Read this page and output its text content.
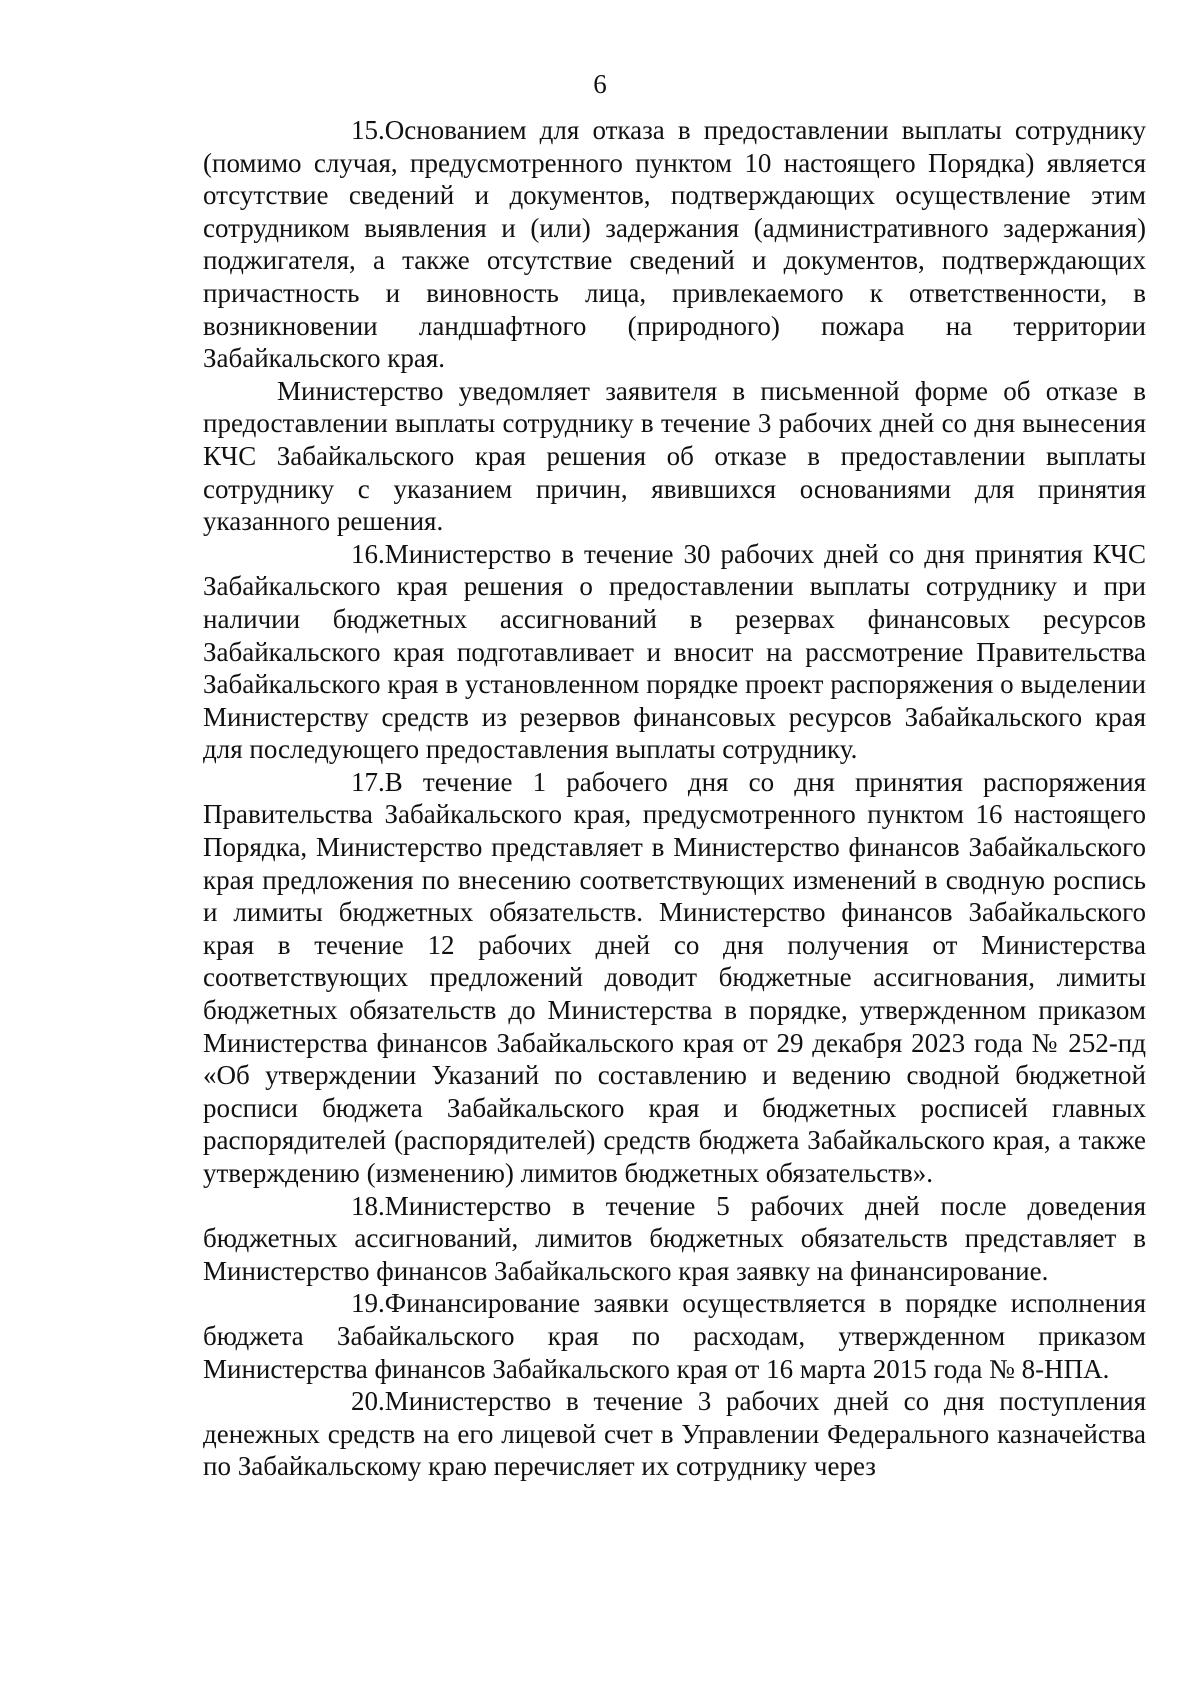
6

15.Основанием для отказа в предоставлении выплаты сотруднику (помимо случая, предусмотренного пунктом 10 настоящего Порядка) является отсутствие сведений и документов, подтверждающих осуществление этим сотрудником выявления и (или) задержания (административного задержания) поджигателя, а также отсутствие сведений и документов, подтверждающих причастность и виновность лица, привлекаемого к ответственности, в возникновении ландшафтного (природного) пожара на территории Забайкальского края.

Министерство уведомляет заявителя в письменной форме об отказе в предоставлении выплаты сотруднику в течение 3 рабочих дней со дня вынесения КЧС Забайкальского края решения об отказе в предоставлении выплаты сотруднику с указанием причин, явившихся основаниями для принятия указанного решения.

16.Министерство в течение 30 рабочих дней со дня принятия КЧС Забайкальского края решения о предоставлении выплаты сотруднику и при наличии бюджетных ассигнований в резервах финансовых ресурсов Забайкальского края подготавливает и вносит на рассмотрение Правительства Забайкальского края в установленном порядке проект распоряжения о выделении Министерству средств из резервов финансовых ресурсов Забайкальского края для последующего предоставления выплаты сотруднику.

17.В течение 1 рабочего дня со дня принятия распоряжения Правительства Забайкальского края, предусмотренного пунктом 16 настоящего Порядка, Министерство представляет в Министерство финансов Забайкальского края предложения по внесению соответствующих изменений в сводную роспись и лимиты бюджетных обязательств. Министерство финансов Забайкальского края в течение 12 рабочих дней со дня получения от Министерства соответствующих предложений доводит бюджетные ассигнования, лимиты бюджетных обязательств до Министерства в порядке, утвержденном приказом Министерства финансов Забайкальского края от 29 декабря 2023 года № 252-пд «Об утверждении Указаний по составлению и ведению сводной бюджетной росписи бюджета Забайкальского края и бюджетных росписей главных распорядителей (распорядителей) средств бюджета Забайкальского края, а также утверждению (изменению) лимитов бюджетных обязательств».

18.Министерство в течение 5 рабочих дней после доведения бюджетных ассигнований, лимитов бюджетных обязательств представляет в Министерство финансов Забайкальского края заявку на финансирование.

19.Финансирование заявки осуществляется в порядке исполнения бюджета Забайкальского края по расходам, утвержденном приказом Министерства финансов Забайкальского края от 16 марта 2015 года № 8-НПА.

20.Министерство в течение 3 рабочих дней со дня поступления денежных средств на его лицевой счет в Управлении Федерального казначейства по Забайкальскому краю перечисляет их сотруднику через
